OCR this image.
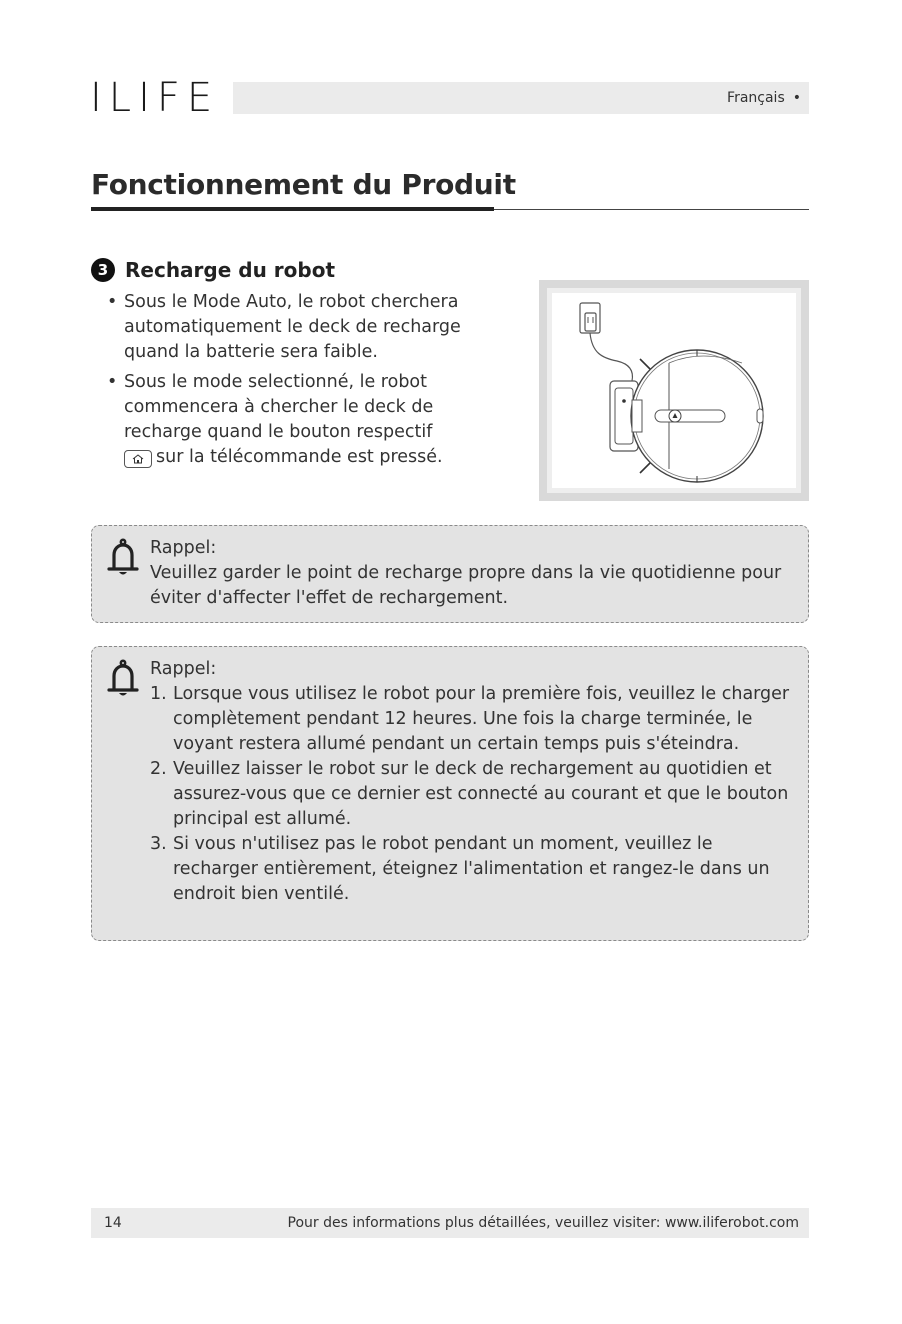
ILIFE	Français •
Fonctionnement du Produit
3 Recharge du robot
• Sous le Mode Auto, le robot cherchera automatiquement le deck de recharge quand la batterie sera faible.
• Sous le mode selectionné, le robot commencera à chercher le deck de recharge quand le bouton respectif

sur la télécommande est pressé.
Rappel:
Veuillez garder le point de recharge propre dans la vie quotidienne pour éviter d'affecter l'effet de rechargement.
Rappel:
1. Lorsque vous utilisez le robot pour la première fois, veuillez le charger complètement pendant 12 heures. Une fois la charge terminée, le voyant restera allumé pendant un certain temps puis s'éteindra.
2. Veuillez laisser le robot sur le deck de rechargement au quotidien et assurez-vous que ce dernier est connecté au courant et que le bouton principal est allumé.
3. Si vous n'utilisez pas le robot pendant un moment, veuillez le recharger entièrement, éteignez l'alimentation et rangez-le dans un endroit bien ventilé.
14	Pour des informations plus détaillées, veuillez visiter: www.iliferobot.com
